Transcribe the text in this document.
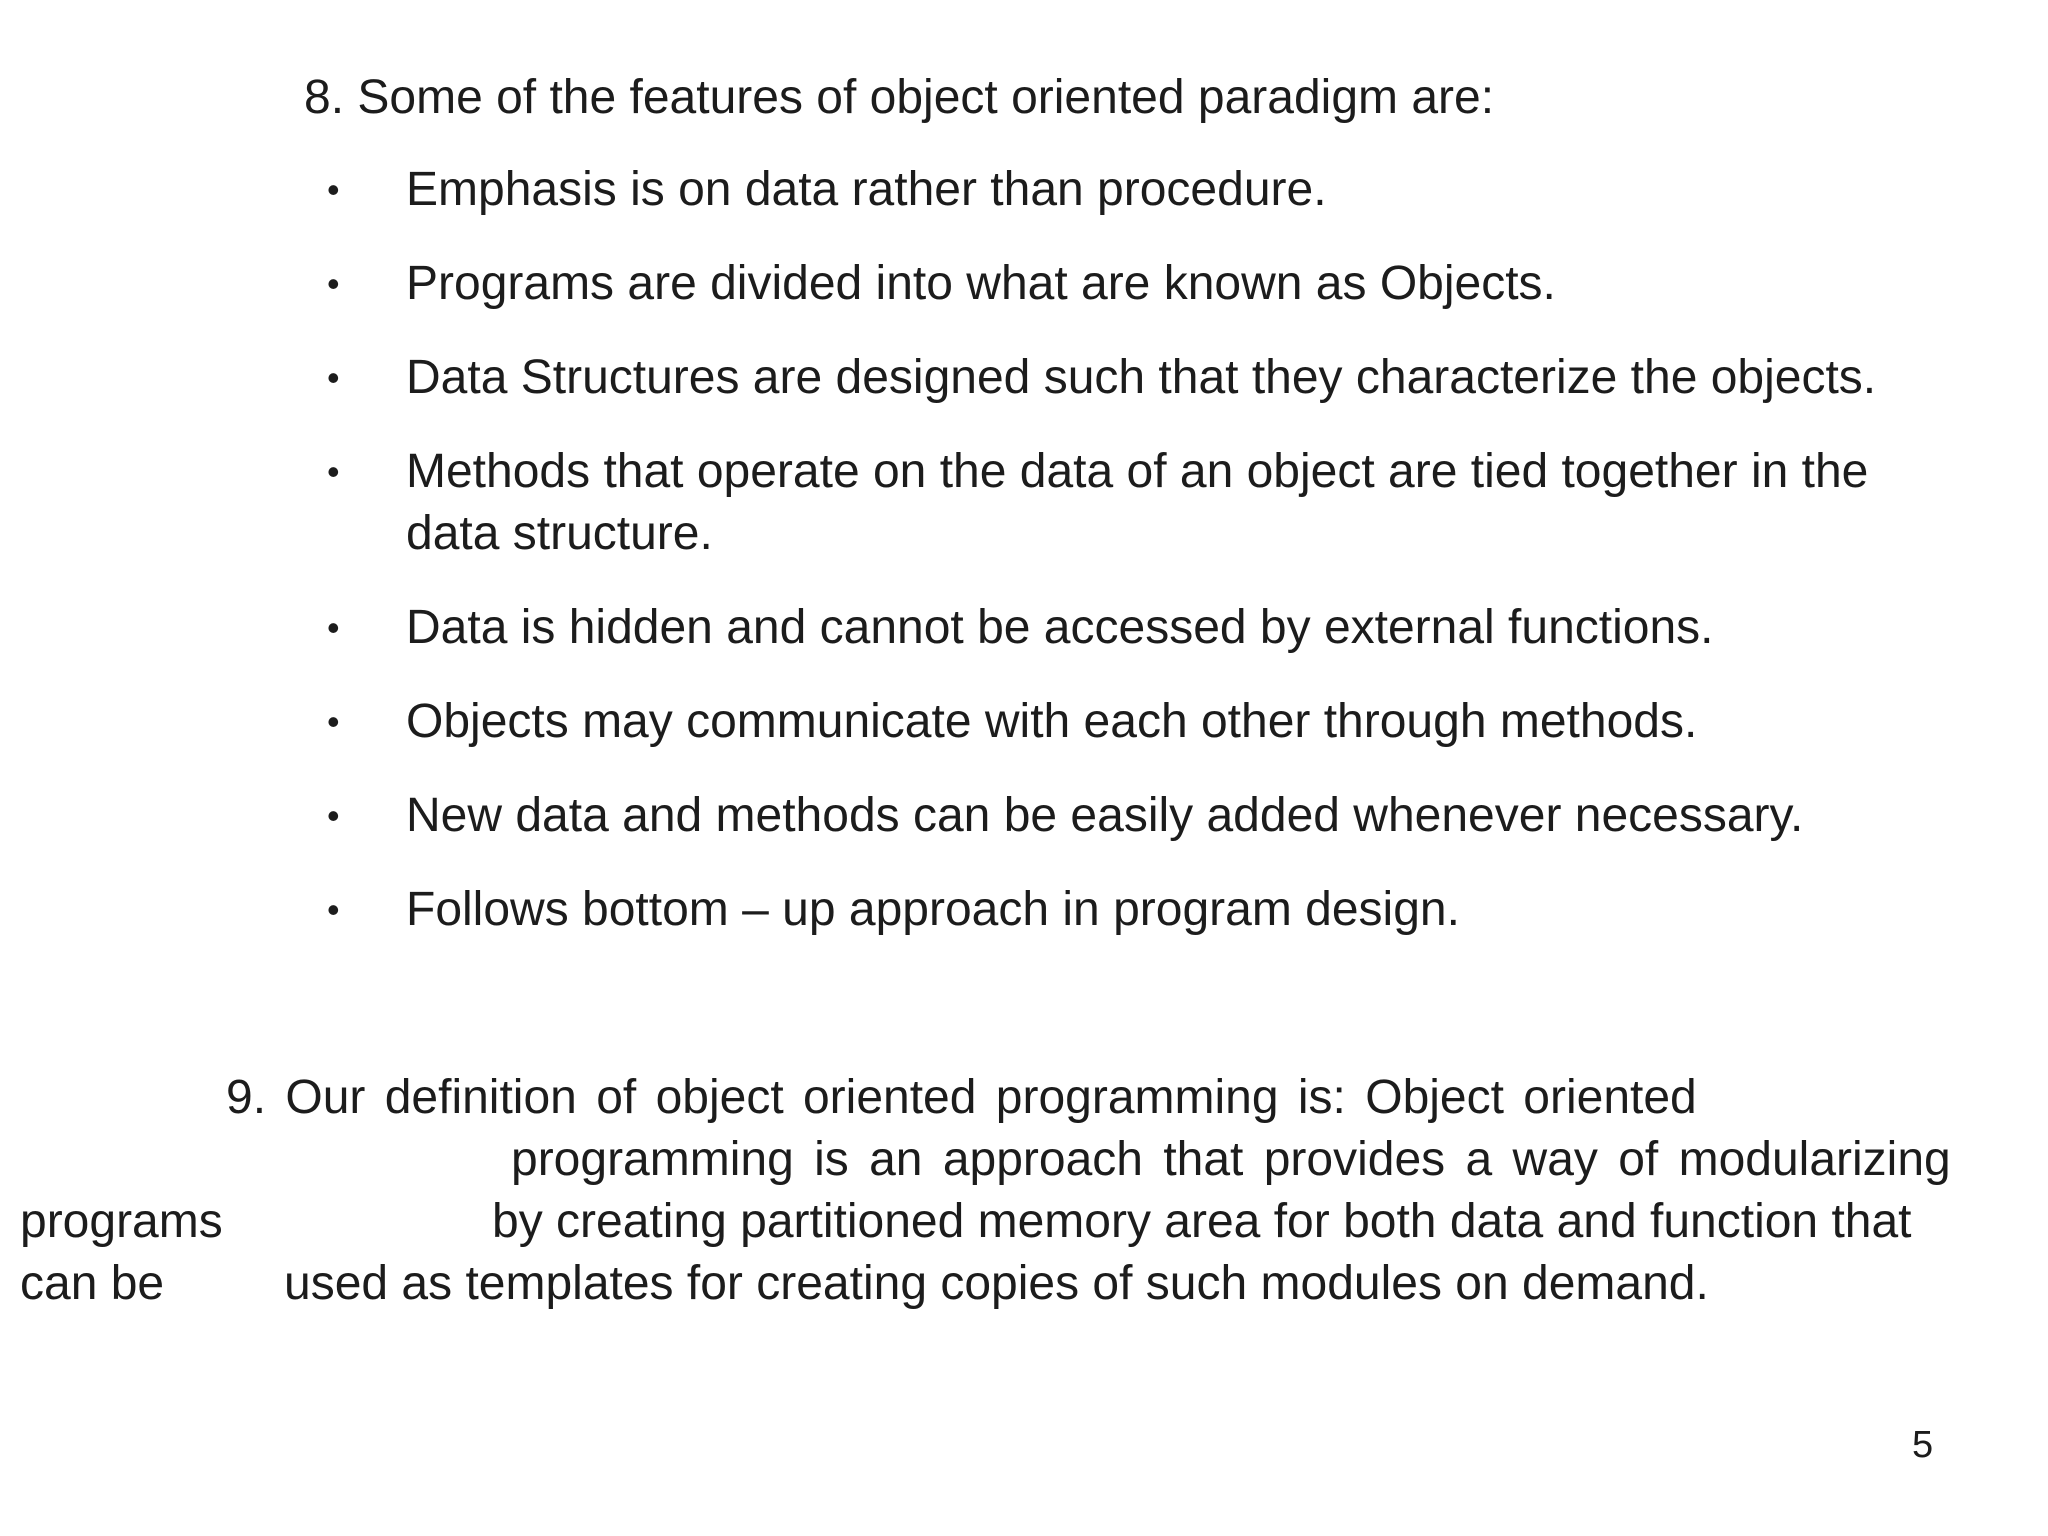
8. Some of the features of object oriented paradigm are:
• Emphasis is on data rather than procedure.
• Programs are divided into what are known as Objects.
• Data Structures are designed such that they characterize the objects.
• Methods that operate on the data of an object are tied together in the
data structure.
• Data is hidden and cannot be accessed by external functions.
• Objects may communicate with each other through methods.
• New data and methods can be easily added whenever necessary.
• Follows bottom – up approach in program design.
9. Our definition of object oriented programming is: Object oriented
programming is an approach that provides a way of modularizing
programs	by creating partitioned memory area for both data and function that
can be used as templates for creating copies of such modules on demand.
5
